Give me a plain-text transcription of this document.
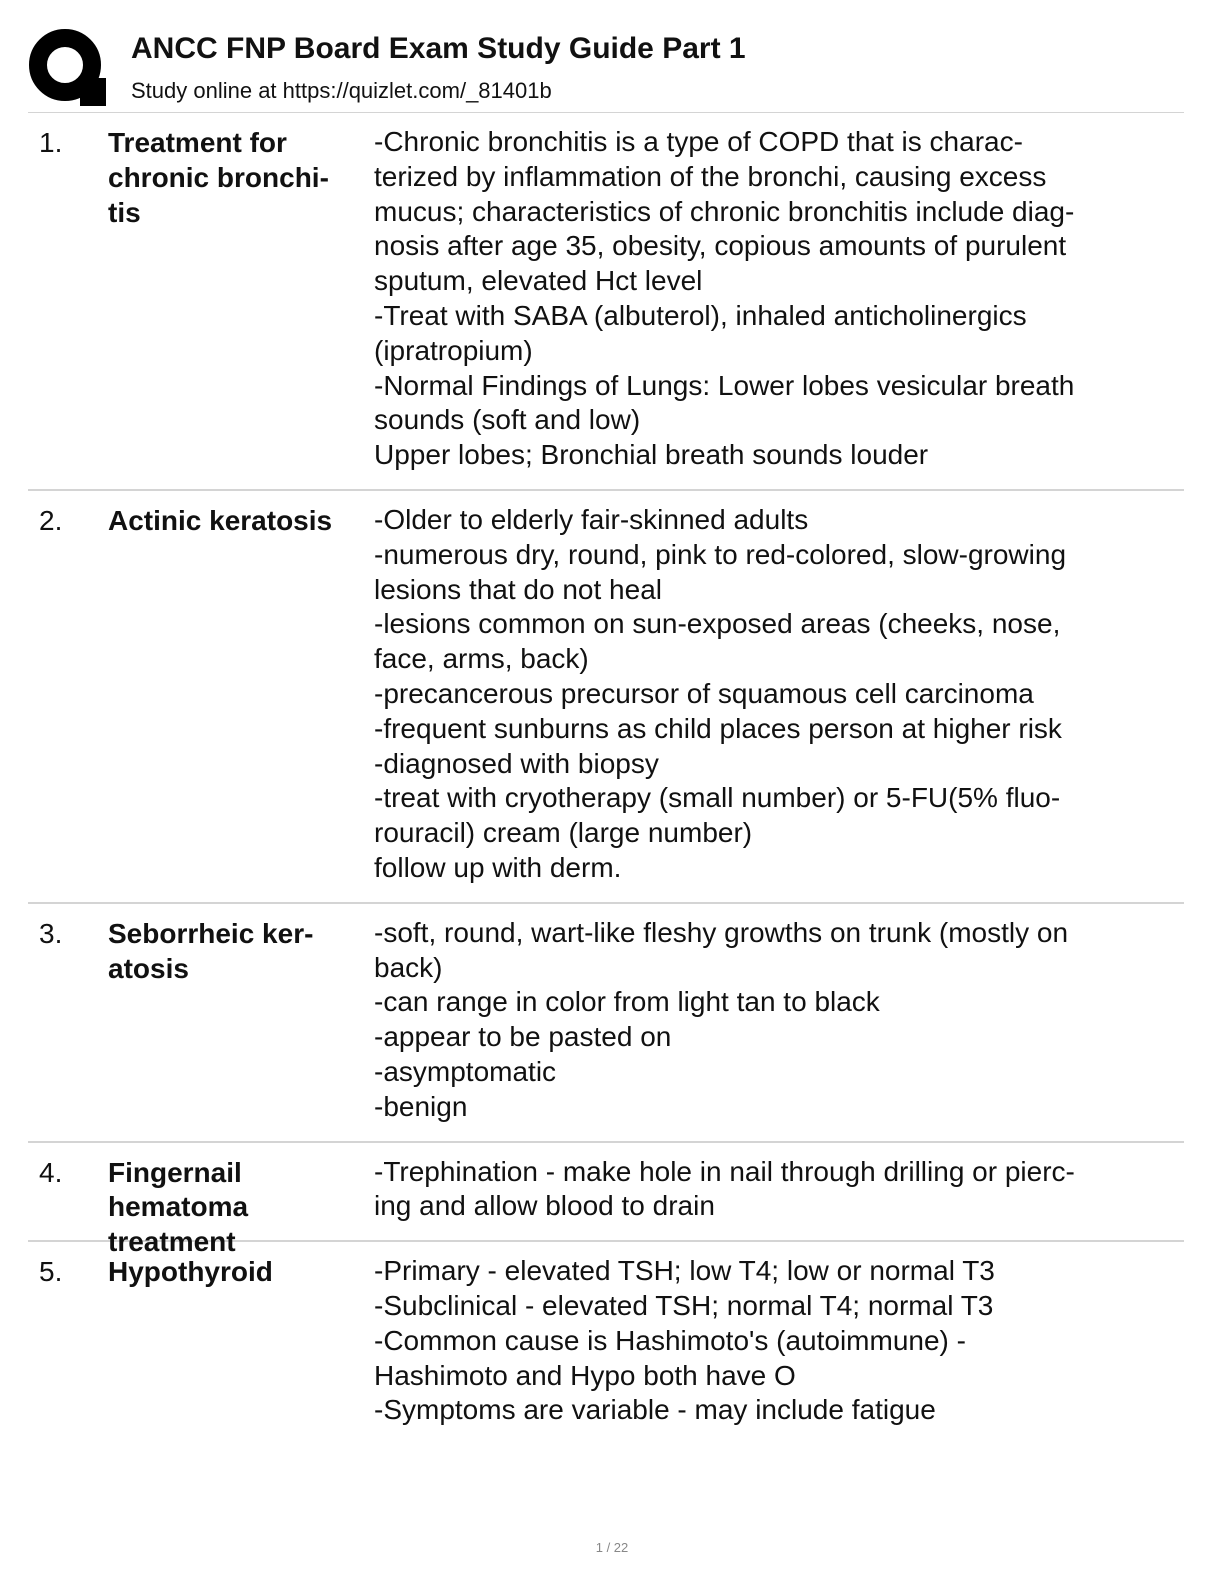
ANCC FNP Board Exam Study Guide Part 1
Study online at https://quizlet.com/_81401b
1. Treatment for
chronic bronchi-
tis
-Chronic bronchitis is a type of COPD that is charac-
terized by inflammation of the bronchi, causing excess
mucus; characteristics of chronic bronchitis include diag-
nosis after age 35, obesity, copious amounts of purulent
sputum, elevated Hct level
-Treat with SABA (albuterol), inhaled anticholinergics
(ipratropium)
-Normal Findings of Lungs: Lower lobes vesicular breath
sounds (soft and low)
Upper lobes; Bronchial breath sounds louder
2. Actinic keratosis	-Older to elderly fair-skinned adults
-numerous dry, round, pink to red-colored, slow-growing
lesions that do not heal
-lesions common on sun-exposed areas (cheeks, nose,
face, arms, back)
-precancerous precursor of squamous cell carcinoma
-frequent sunburns as child places person at higher risk
-diagnosed with biopsy
-treat with cryotherapy (small number) or 5-FU(5% fluo-
rouracil) cream (large number)
follow up with derm.
3. Seborrheic ker-
atosis
-soft, round, wart-like fleshy growths on trunk (mostly on
back)
-can range in color from light tan to black
-appear to be pasted on
-asymptomatic
-benign
4. Fingernail
hematoma
treatment
-Trephination - make hole in nail through drilling or pierc-
ing and allow blood to drain
5. Hypothyroid	-Primary - elevated TSH; low T4; low or normal T3
-Subclinical - elevated TSH; normal T4; normal T3
-Common cause is Hashimoto's (autoimmune) -
Hashimoto and Hypo both have O
-Symptoms are variable - may include fatigue
1 / 22
